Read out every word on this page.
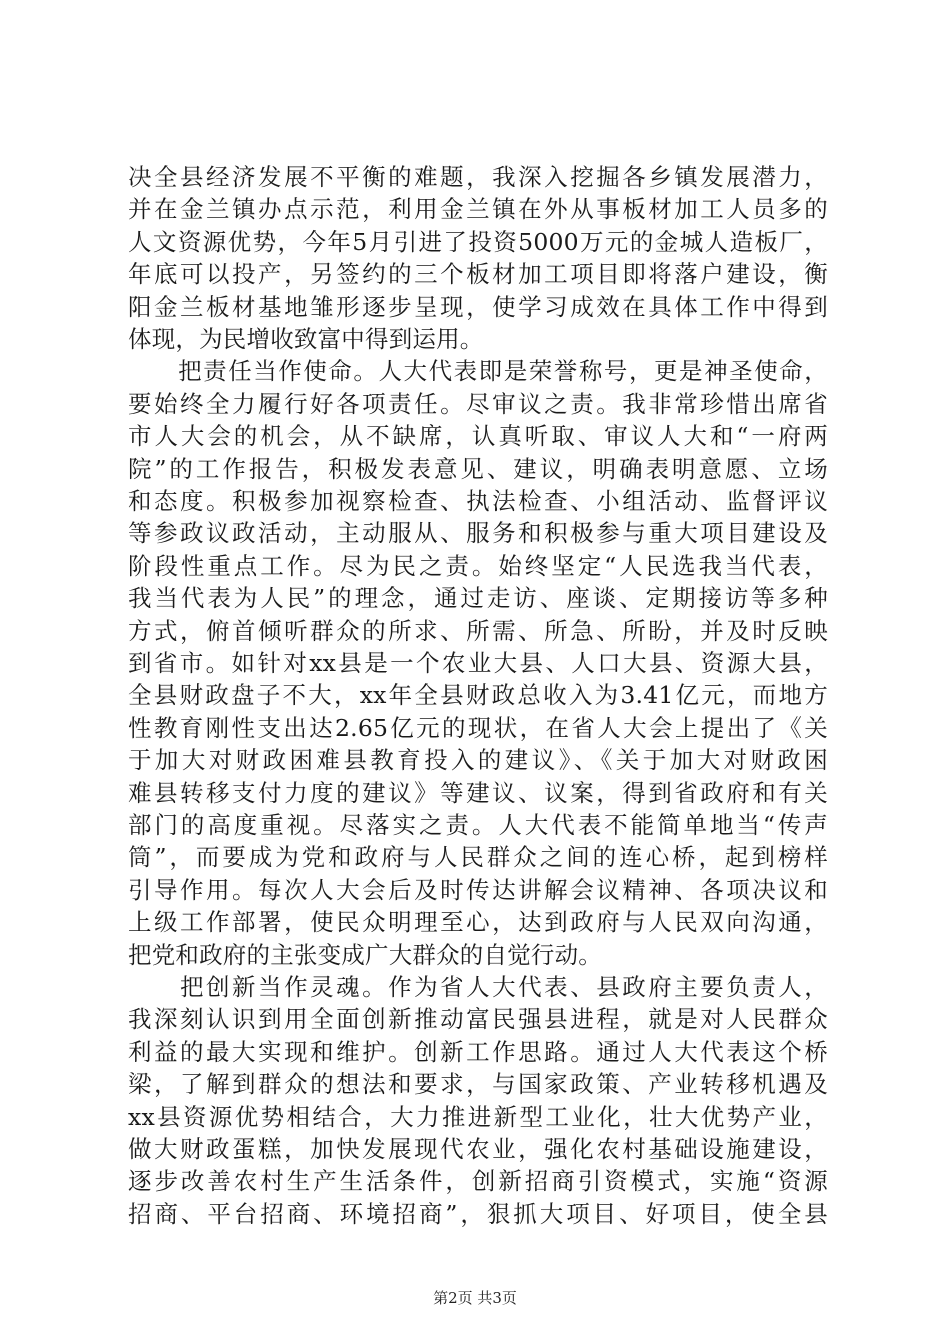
决全县经济发展不平衡的难题，我深入挖掘各乡镇发展潜力，
并在金兰镇办点示范，利用金兰镇在外从事板材加工人员多的
人文资源优势，今年5月引进了投资5000万元的金城人造板厂，
年底可以投产，另签约的三个板材加工项目即将落户建设，衡
阳金兰板材基地雏形逐步呈现，使学习成效在具体工作中得到
体现，为民增收致富中得到运用。
　　把责任当作使命。人大代表即是荣誉称号，更是神圣使命，
要始终全力履行好各项责任。尽审议之责。我非常珍惜出席省
市人大会的机会，从不缺席，认真听取、审议人大和“一府两
院”的工作报告，积极发表意见、建议，明确表明意愿、立场
和态度。积极参加视察检查、执法检查、小组活动、监督评议
等参政议政活动，主动服从、服务和积极参与重大项目建设及
阶段性重点工作。尽为民之责。始终坚定“人民选我当代表，
我当代表为人民”的理念，通过走访、座谈、定期接访等多种
方式，俯首倾听群众的所求、所需、所急、所盼，并及时反映
到省市。如针对xx县是一个农业大县、人口大县、资源大县，
全县财政盘子不大，xx年全县财政总收入为3.41亿元，而地方
性教育刚性支出达2.65亿元的现状，在省人大会上提出了《关
于加大对财政困难县教育投入的建议》、《关于加大对财政困
难县转移支付力度的建议》等建议、议案，得到省政府和有关
部门的高度重视。尽落实之责。人大代表不能简单地当“传声
筒”，而要成为党和政府与人民群众之间的连心桥，起到榜样
引导作用。每次人大会后及时传达讲解会议精神、各项决议和
上级工作部署，使民众明理至心，达到政府与人民双向沟通，
把党和政府的主张变成广大群众的自觉行动。
　　把创新当作灵魂。作为省人大代表、县政府主要负责人，
我深刻认识到用全面创新推动富民强县进程，就是对人民群众
利益的最大实现和维护。创新工作思路。通过人大代表这个桥
梁，了解到群众的想法和要求，与国家政策、产业转移机遇及
xx县资源优势相结合，大力推进新型工业化，壮大优势产业，
做大财政蛋糕，加快发展现代农业，强化农村基础设施建设，
逐步改善农村生产生活条件，创新招商引资模式，实施“资源
招商、平台招商、环境招商”，狠抓大项目、好项目，使全县
第2页 共3页
